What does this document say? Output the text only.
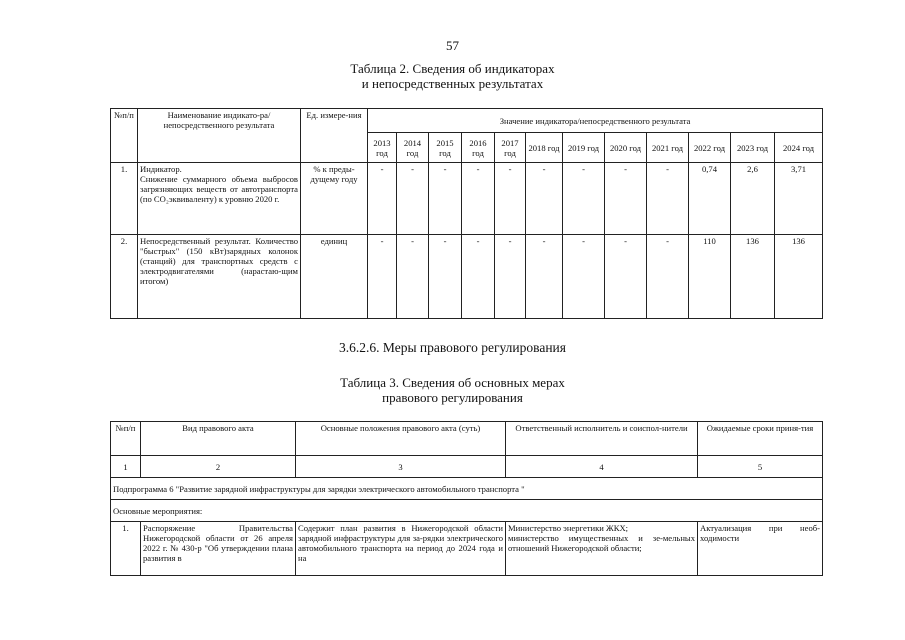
57
Таблица 2. Сведения об индикаторах
и непосредственных результатах
№п/п	Наименование индикато-ра/непосредственного результата	Ед. измере-ния	Значение индикатора/непосредственного результата											
			2013 год	2014 год	2015 год	2016 год	2017 год	2018 год	2019 год	2020 год	2021 год	2022 год	2023 год	2024 год
1.	Индикатор.
Снижение суммарного объема выбросов загрязняющих веществ от автотранспорта (по CO₂эквиваленту) к уровню 2020 г.	% к преды-дущему году	-	-	-	-	-	-	-	-	-	0,74	2,6	3,71
2.	Непосредственный результат. Количество "быстрых" (150 кВт)зарядных колонок (станций) для транспортных средств с электродвигателями (нарастаю-щим итогом)	единиц	-	-	-	-	-	-	-	-	-	110	136	136
3.6.2.6. Меры правового регулирования
Таблица 3. Сведения об основных мерах
правового регулирования
№п/п	Вид правового акта	Основные положения правового акта (суть)	Ответственный исполнитель и соиспол-нители	Ожидаемые сроки приня-тия
1	2	3	4	5
Подпрограмма 6 "Развитие зарядной инфраструктуры для зарядки электрического автомобильного транспорта "				
Основные мероприятия:				
1.	Распоряжение Правительства Нижегородской области от 26 апреля 2022 г. № 430-р "Об утверждении плана развития в	Содержит план развития в Нижегородской области зарядной инфраструктуры для за-рядки электрического автомобильного транспорта на период до 2024 года и на	Министерство энергетики ЖКХ;
министерство имущественных и зе-мельных отношений Нижегородской области;	Актуализация при необ-ходимости
